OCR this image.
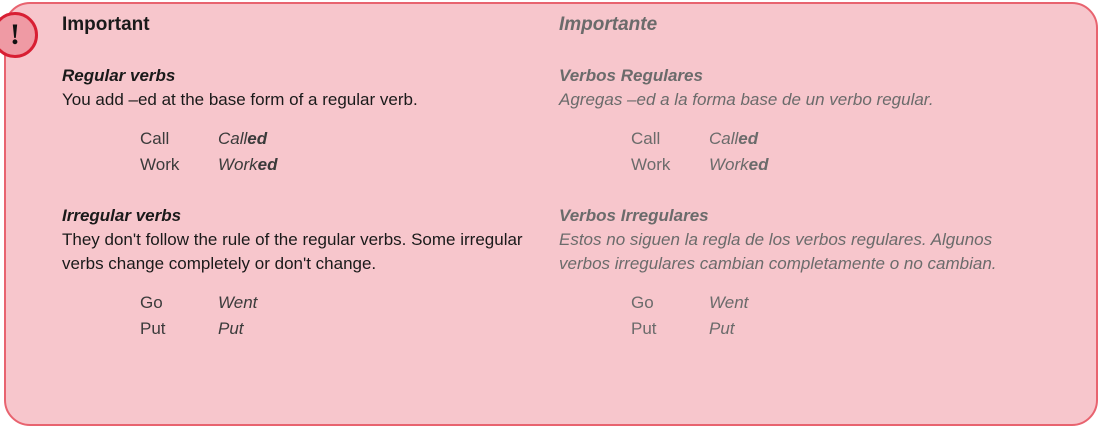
! Important
Regular verbs
You add –ed at the base form of a regular verb.
Call	Called
Work	Worked
Irregular verbs
They don't follow the rule of the regular verbs. Some irregular verbs change completely or don't change.
Go	Went
Put	Put
Importante
Verbos Regulares
Agregas –ed a la forma base de un verbo regular.
Call	Called
Work	Worked
Verbos Irregulares
Estos no siguen la regla de los verbos regulares. Algunos verbos irregulares cambian completamente o no cambian.
Go	Went
Put	Put
